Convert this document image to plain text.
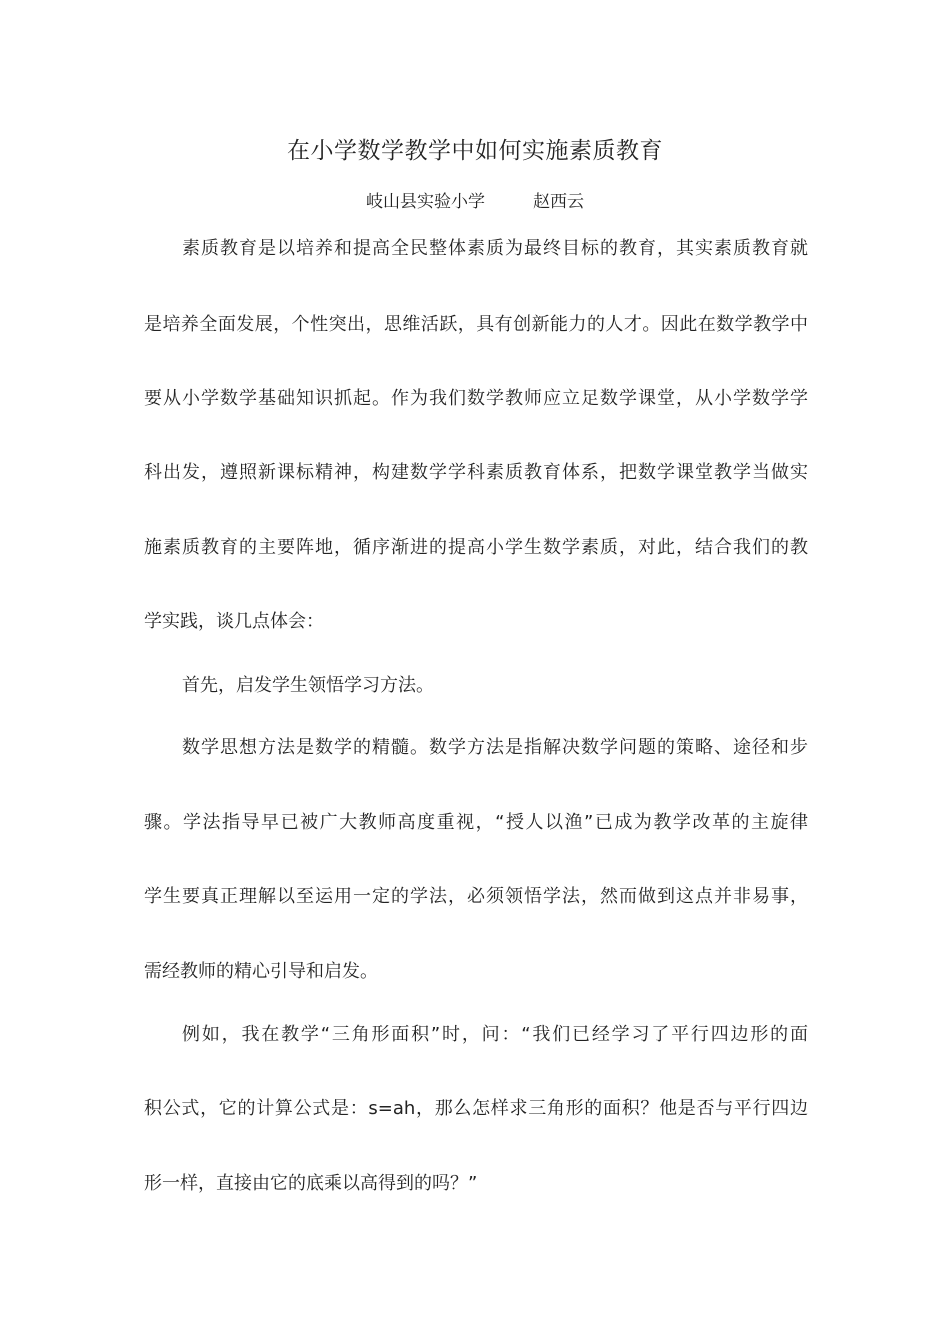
在小学数学教学中如何实施素质教育
岐山县实验小学	赵西云
素质教育是以培养和提高全民整体素质为最终目标的教育，其实素质教育就
是培养全面发展，个性突出，思维活跃，具有创新能力的人才。因此在数学教学中
要从小学数学基础知识抓起。作为我们数学教师应立足数学课堂，从小学数学学
科出发，遵照新课标精神，构建数学学科素质教育体系，把数学课堂教学当做实
施素质教育的主要阵地，循序渐进的提高小学生数学素质，对此，结合我们的教
学实践，谈几点体会：
首先，启发学生领悟学习方法。
数学思想方法是数学的精髓。数学方法是指解决数学问题的策略、途径和步
骤。学法指导早已被广大教师高度重视，“授人以渔”已成为教学改革的主旋律
学生要真正理解以至运用一定的学法，必须领悟学法，然而做到这点并非易事，
需经教师的精心引导和启发。
例如，我在教学“三角形面积”时，问：“我们已经学习了平行四边形的面
积公式，它的计算公式是：s=ah，那么怎样求三角形的面积？他是否与平行四边
形一样，直接由它的底乘以高得到的吗？”
